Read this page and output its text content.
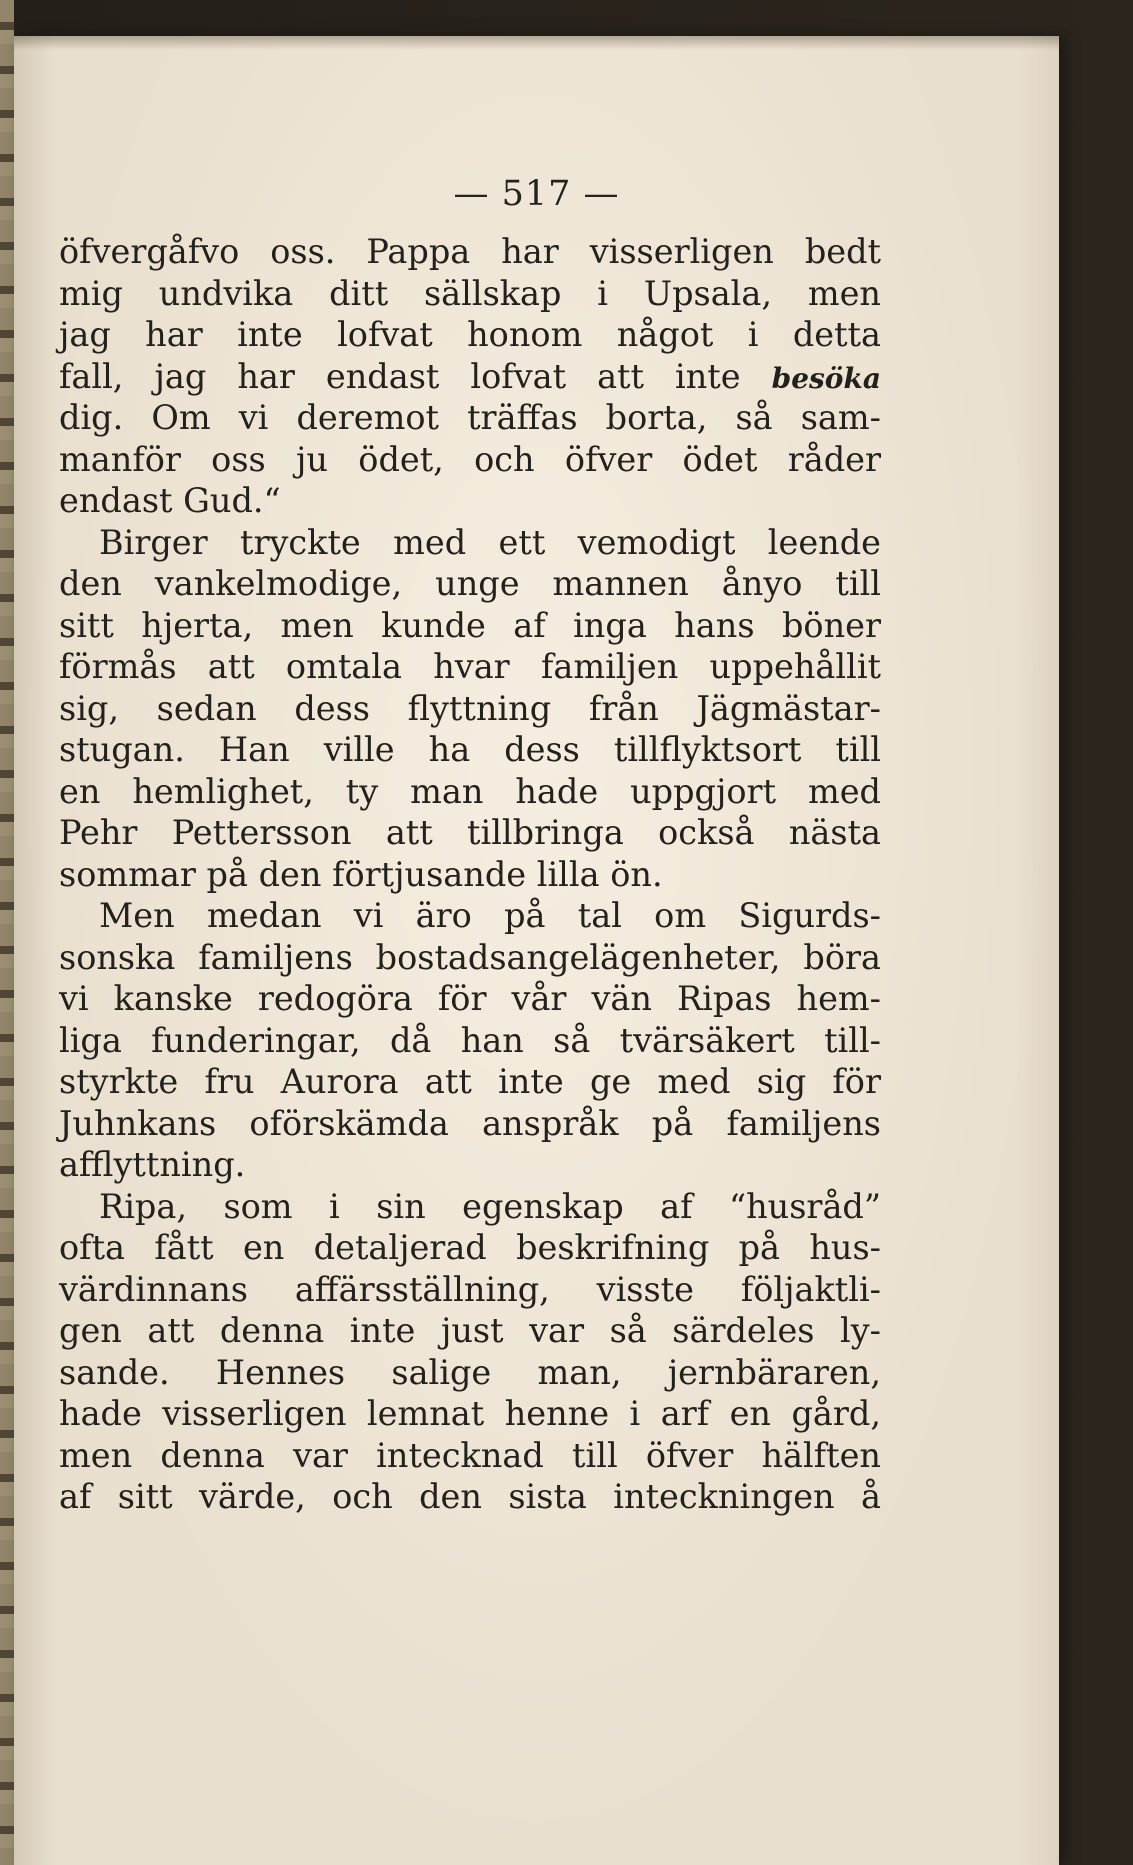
— 517 —
öfvergåfvo oss. Pappa har visserligen bedt
mig undvika ditt sällskap i Upsala, men
jag har inte lofvat honom något i detta
fall, jag har endast lofvat att inte besöka
dig. Om vi deremot träffas borta, så sam-
manför oss ju ödet, och öfver ödet råder
endast Gud.“
Birger tryckte med ett vemodigt leende
den vankelmodige, unge mannen ånyo till
sitt hjerta, men kunde af inga hans böner
förmås att omtala hvar familjen uppehållit
sig, sedan dess flyttning från Jägmästar-
stugan. Han ville ha dess tillflyktsort till
en hemlighet, ty man hade uppgjort med
Pehr Pettersson att tillbringa också nästa
sommar på den förtjusande lilla ön.
Men medan vi äro på tal om Sigurds-
sonska familjens bostadsangelägenheter, böra
vi kanske redogöra för vår vän Ripas hem-
liga funderingar, då han så tvärsäkert till-
styrkte fru Aurora att inte ge med sig för
Juhnkans oförskämda anspråk på familjens
afflyttning.
Ripa, som i sin egenskap af “husråd”
ofta fått en detaljerad beskrifning på hus-
värdinnans affärsställning, visste följaktli-
gen att denna inte just var så särdeles ly-
sande. Hennes salige man, jernbäraren,
hade visserligen lemnat henne i arf en gård,
men denna var intecknad till öfver hälften
af sitt värde, och den sista inteckningen å
